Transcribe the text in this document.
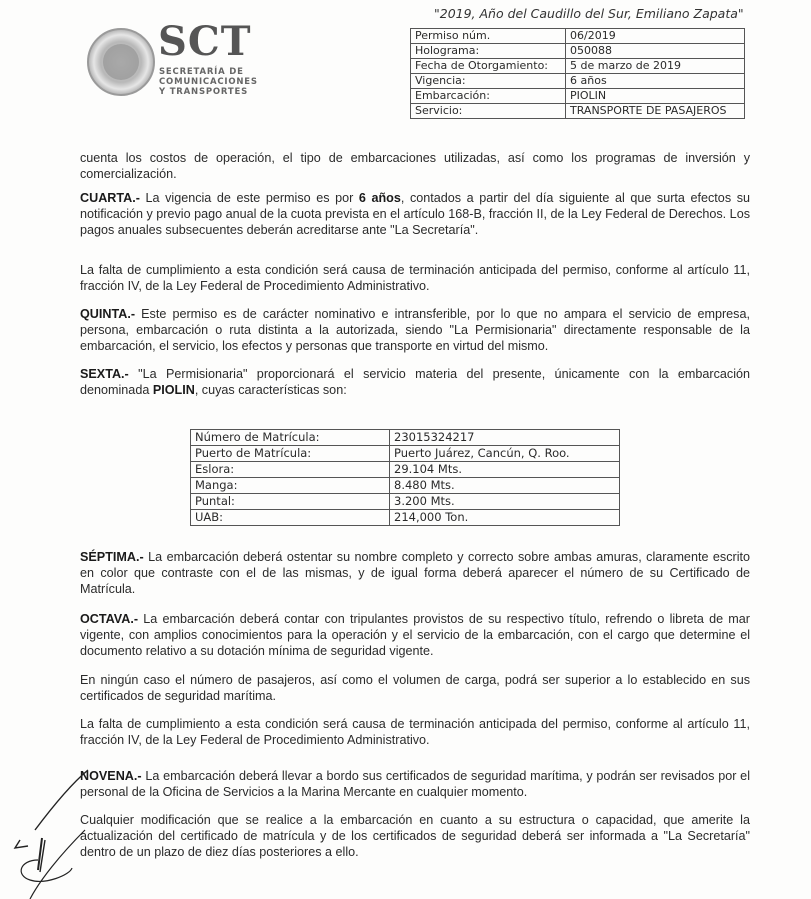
SCT
SECRETARÍA DE
COMUNICACIONES
Y TRANSPORTES
"2019, Año del Caudillo del Sur, Emiliano Zapata"
Permiso núm.	06/2019
Holograma:	050088
Fecha de Otorgamiento:	5 de marzo de 2019
Vigencia:	6 años
Embarcación:	PIOLIN
Servicio:	TRANSPORTE DE PASAJEROS
cuenta los costos de operación, el tipo de embarcaciones utilizadas, así como los programas de inversión y comercialización.
CUARTA.- La vigencia de este permiso es por 6 años, contados a partir del día siguiente al que surta efectos su notificación y previo pago anual de la cuota prevista en el artículo 168-B, fracción II, de la Ley Federal de Derechos. Los pagos anuales subsecuentes deberán acreditarse ante "La Secretaría".
La falta de cumplimiento a esta condición será causa de terminación anticipada del permiso, conforme al artículo 11, fracción IV, de la Ley Federal de Procedimiento Administrativo.
QUINTA.- Este permiso es de carácter nominativo e intransferible, por lo que no ampara el servicio de empresa, persona, embarcación o ruta distinta a la autorizada, siendo "La Permisionaria" directamente responsable de la embarcación, el servicio, los efectos y personas que transporte en virtud del mismo.
SEXTA.- "La Permisionaria" proporcionará el servicio materia del presente, únicamente con la embarcación denominada PIOLIN, cuyas características son:
Número de Matrícula:	23015324217
Puerto de Matrícula:	Puerto Juárez, Cancún, Q. Roo.
Eslora:	29.104 Mts.
Manga:	8.480 Mts.
Puntal:	3.200 Mts.
UAB:	214,000 Ton.
SÉPTIMA.- La embarcación deberá ostentar su nombre completo y correcto sobre ambas amuras, claramente escrito en color que contraste con el de las mismas, y de igual forma deberá aparecer el número de su Certificado de Matrícula.
OCTAVA.- La embarcación deberá contar con tripulantes provistos de su respectivo título, refrendo o libreta de mar vigente, con amplios conocimientos para la operación y el servicio de la embarcación, con el cargo que determine el documento relativo a su dotación mínima de seguridad vigente.
En ningún caso el número de pasajeros, así como el volumen de carga, podrá ser superior a lo establecido en sus certificados de seguridad marítima.
La falta de cumplimiento a esta condición será causa de terminación anticipada del permiso, conforme al artículo 11, fracción IV, de la Ley Federal de Procedimiento Administrativo.
NOVENA.- La embarcación deberá llevar a bordo sus certificados de seguridad marítima, y podrán ser revisados por el personal de la Oficina de Servicios a la Marina Mercante en cualquier momento.
Cualquier modificación que se realice a la embarcación en cuanto a su estructura o capacidad, que amerite la actualización del certificado de matrícula y de los certificados de seguridad deberá ser informada a "La Secretaría" dentro de un plazo de diez días posteriores a ello.
